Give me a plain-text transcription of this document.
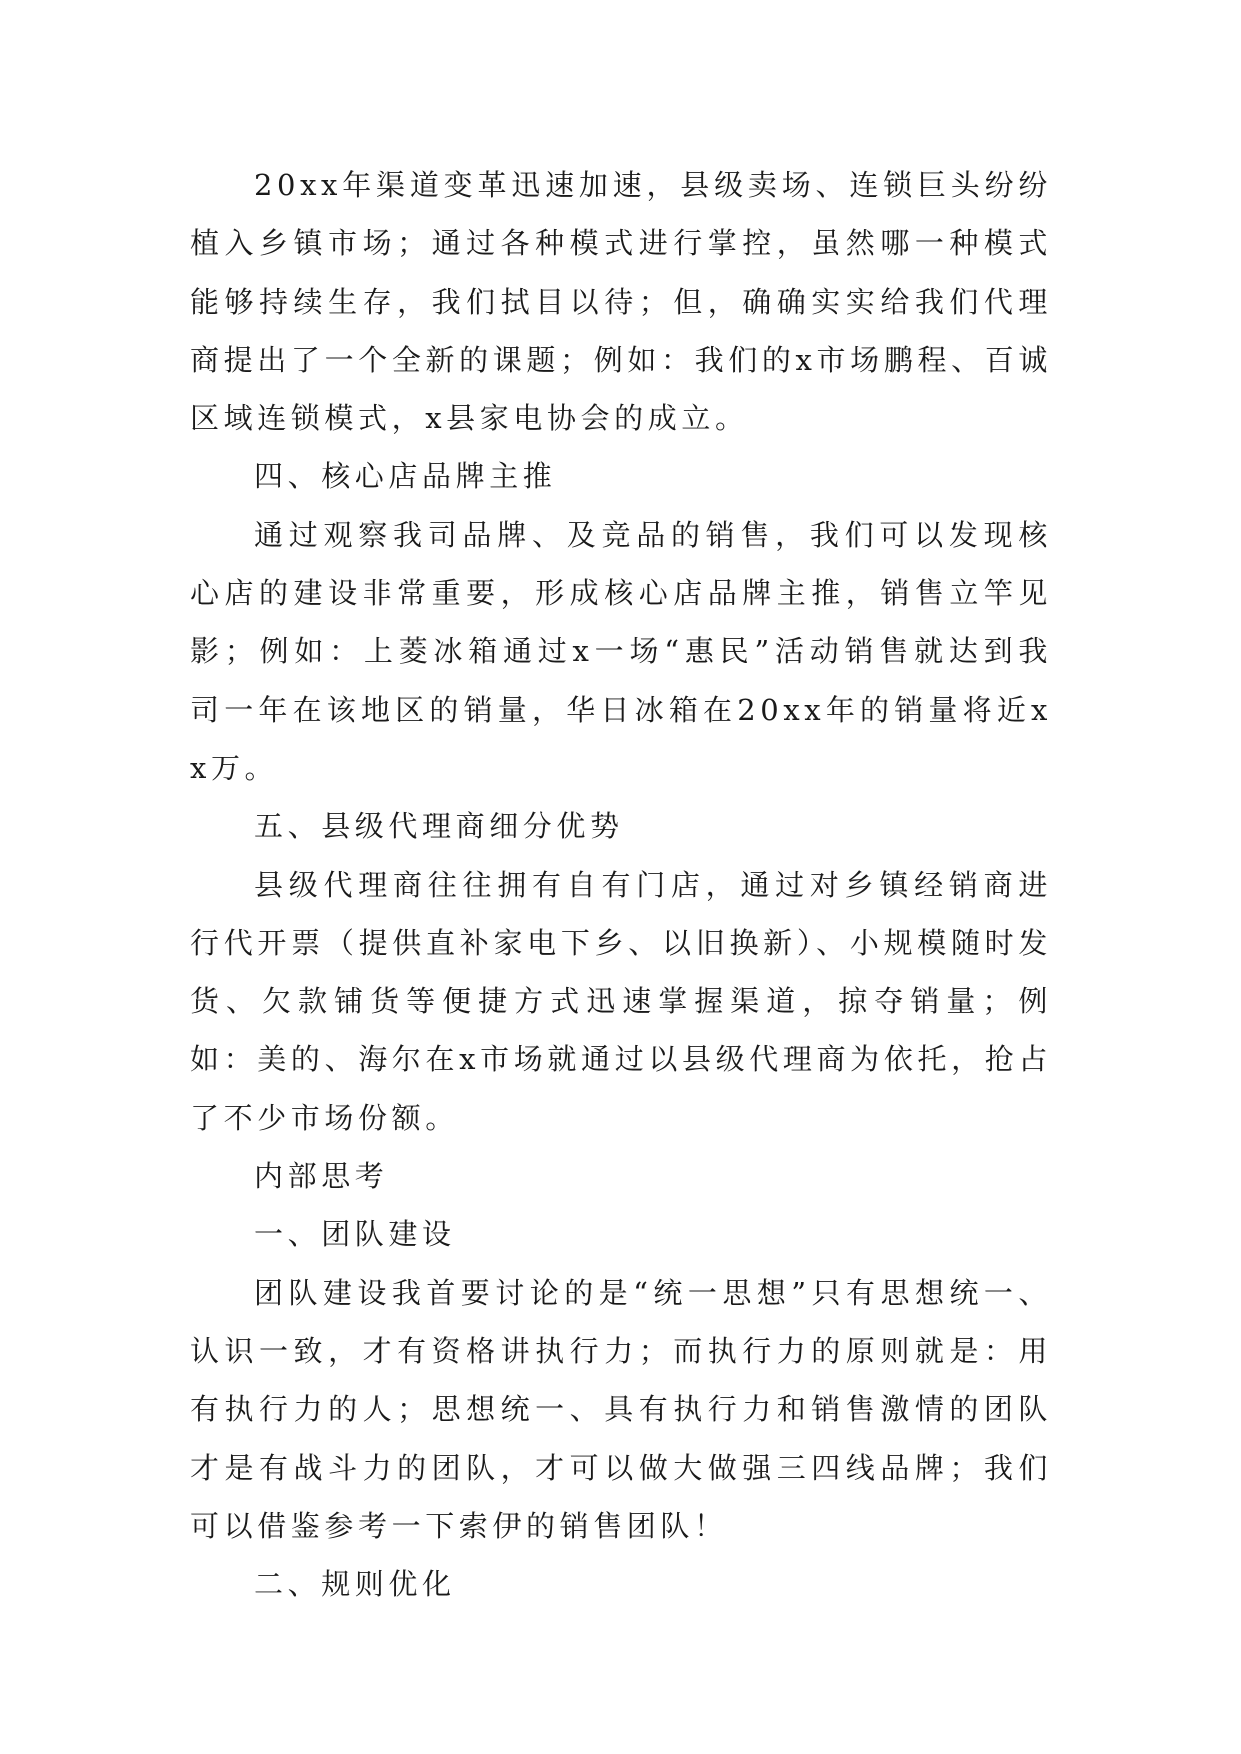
20xx年渠道变革迅速加速，县级卖场、连锁巨头纷纷植入乡镇市场；通过各种模式进行掌控，虽然哪一种模式能够持续生存，我们拭目以待；但，确确实实给我们代理商提出了一个全新的课题；例如：我们的x市场鹏程、百诚区域连锁模式，x县家电协会的成立。

四、核心店品牌主推

通过观察我司品牌、及竞品的销售，我们可以发现核心店的建设非常重要，形成核心店品牌主推，销售立竿见影；例如：上菱冰箱通过x一场“惠民”活动销售就达到我司一年在该地区的销量，华日冰箱在20xx年的销量将近xx万。

五、县级代理商细分优势

县级代理商往往拥有自有门店，通过对乡镇经销商进行代开票（提供直补家电下乡、以旧换新）、小规模随时发货、欠款铺货等便捷方式迅速掌握渠道，掠夺销量；例如：美的、海尔在x市场就通过以县级代理商为依托，抢占了不少市场份额。

内部思考

一、团队建设

团队建设我首要讨论的是“统一思想”只有思想统一、认识一致，才有资格讲执行力；而执行力的原则就是：用有执行力的人；思想统一、具有执行力和销售激情的团队才是有战斗力的团队，才可以做大做强三四线品牌；我们可以借鉴参考一下索伊的销售团队！

二、规则优化
